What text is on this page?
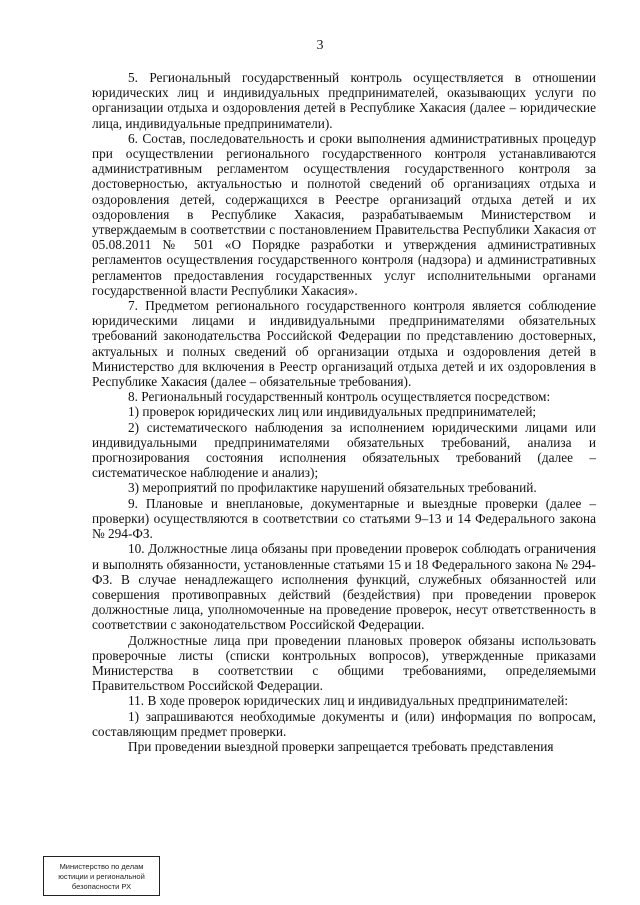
3

5. Региональный государственный контроль осуществляется в отношении юридических лиц и индивидуальных предпринимателей, оказывающих услуги по организации отдыха и оздоровления детей в Республике Хакасия (далее – юридические лица, индивидуальные предприниматели).

6. Состав, последовательность и сроки выполнения административных процедур при осуществлении регионального государственного контроля устанавливаются административным регламентом осуществления государственного контроля за достоверностью, актуальностью и полнотой сведений об организациях отдыха и оздоровления детей, содержащихся в Реестре организаций отдыха детей и их оздоровления в Республике Хакасия, разрабатываемым Министерством и утверждаемым в соответствии с постановлением Правительства Республики Хакасия от 05.08.2011 № 501 «О Порядке разработки и утверждения административных регламентов осуществления государственного контроля (надзора) и административных регламентов предоставления государственных услуг исполнительными органами государственной власти Республики Хакасия».

7. Предметом регионального государственного контроля является соблюдение юридическими лицами и индивидуальными предпринимателями обязательных требований законодательства Российской Федерации по представлению достоверных, актуальных и полных сведений об организации отдыха и оздоровления детей в Министерство для включения в Реестр организаций отдыха детей и их оздоровления в Республике Хакасия (далее – обязательные требования).

8. Региональный государственный контроль осуществляется посредством:

1) проверок юридических лиц или индивидуальных предпринимателей;

2) систематического наблюдения за исполнением юридическими лицами или индивидуальными предпринимателями обязательных требований, анализа и прогнозирования состояния исполнения обязательных требований (далее – систематическое наблюдение и анализ);

3) мероприятий по профилактике нарушений обязательных требований.

9. Плановые и внеплановые, документарные и выездные проверки (далее – проверки) осуществляются в соответствии со статьями 9–13 и 14 Федерального закона № 294-ФЗ.

10. Должностные лица обязаны при проведении проверок соблюдать ограничения и выполнять обязанности, установленные статьями 15 и 18 Федерального закона № 294-ФЗ. В случае ненадлежащего исполнения функций, служебных обязанностей или совершения противоправных действий (бездействия) при проведении проверок должностные лица, уполномоченные на проведение проверок, несут ответственность в соответствии с законодательством Российской Федерации.

Должностные лица при проведении плановых проверок обязаны использовать проверочные листы (списки контрольных вопросов), утвержденные приказами Министерства в соответствии с общими требованиями, определяемыми Правительством Российской Федерации.

11. В ходе проверок юридических лиц и индивидуальных предпринимателей:

1) запрашиваются необходимые документы и (или) информация по вопросам, составляющим предмет проверки.

При проведении выездной проверки запрещается требовать представления

Министерство по делам
юстиции и региональной
безопасности РХ
